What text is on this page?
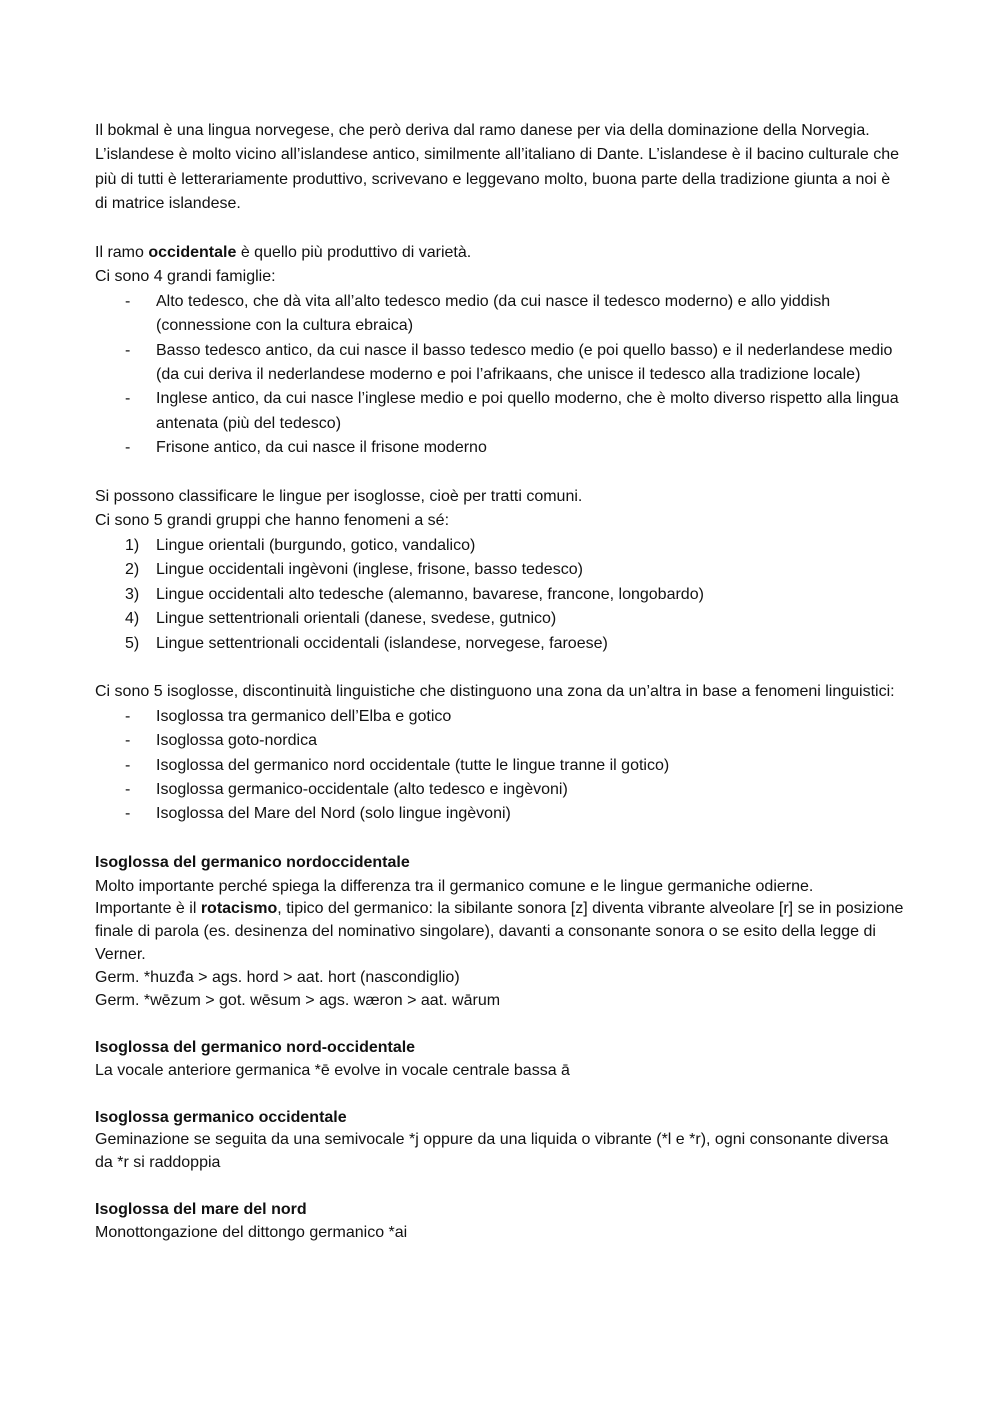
Il bokmal è una lingua norvegese, che però deriva dal ramo danese per via della dominazione della Norvegia.

L’islandese è molto vicino all’islandese antico, similmente all’italiano di Dante. L’islandese è il bacino culturale che più di tutti è letterariamente produttivo, scrivevano e leggevano molto, buona parte della tradizione giunta a noi è di matrice islandese.

Il ramo occidentale è quello più produttivo di varietà.

Ci sono 4 grandi famiglie:

- Alto tedesco, che dà vita all’alto tedesco medio (da cui nasce il tedesco moderno) e allo yiddish (connessione con la cultura ebraica)
- Basso tedesco antico, da cui nasce il basso tedesco medio (e poi quello basso) e il nederlandese medio (da cui deriva il nederlandese moderno e poi l’afrikaans, che unisce il tedesco alla tradizione locale)
- Inglese antico, da cui nasce l’inglese medio e poi quello moderno, che è molto diverso rispetto alla lingua antenata (più del tedesco)
- Frisone antico, da cui nasce il frisone moderno

Si possono classificare le lingue per isoglosse, cioè per tratti comuni.

Ci sono 5 grandi gruppi che hanno fenomeni a sé:

1) Lingue orientali (burgundo, gotico, vandalico)
2) Lingue occidentali ingèvoni (inglese, frisone, basso tedesco)
3) Lingue occidentali alto tedesche (alemanno, bavarese, francone, longobardo)
4) Lingue settentrionali orientali (danese, svedese, gutnico)
5) Lingue settentrionali occidentali (islandese, norvegese, faroese)

Ci sono 5 isoglosse, discontinuità linguistiche che distinguono una zona da un’altra in base a fenomeni linguistici:

- Isoglossa tra germanico dell’Elba e gotico
- Isoglossa goto-nordica
- Isoglossa del germanico nord occidentale (tutte le lingue tranne il gotico)
- Isoglossa germanico-occidentale (alto tedesco e ingèvoni)
- Isoglossa del Mare del Nord (solo lingue ingèvoni)

Isoglossa del germanico nordoccidentale

Molto importante perché spiega la differenza tra il germanico comune e le lingue germaniche odierne.

Importante è il rotacismo, tipico del germanico: la sibilante sonora [z] diventa vibrante alveolare [r] se in posizione finale di parola (es. desinenza del nominativo singolare), davanti a consonante sonora o se esito della legge di Verner.

Germ. *huzđa > ags. hord > aat. hort (nascondiglio)

Germ. *wēzum > got. wēsum > ags. wæron > aat. wārum

Isoglossa del germanico nord-occidentale

La vocale anteriore germanica *ē evolve in vocale centrale bassa ā

Isoglossa germanico occidentale

Geminazione se seguita da una semivocale *j oppure da una liquida o vibrante (*l e *r), ogni consonante diversa da *r si raddoppia

Isoglossa del mare del nord

Monottongazione del dittongo germanico *ai
